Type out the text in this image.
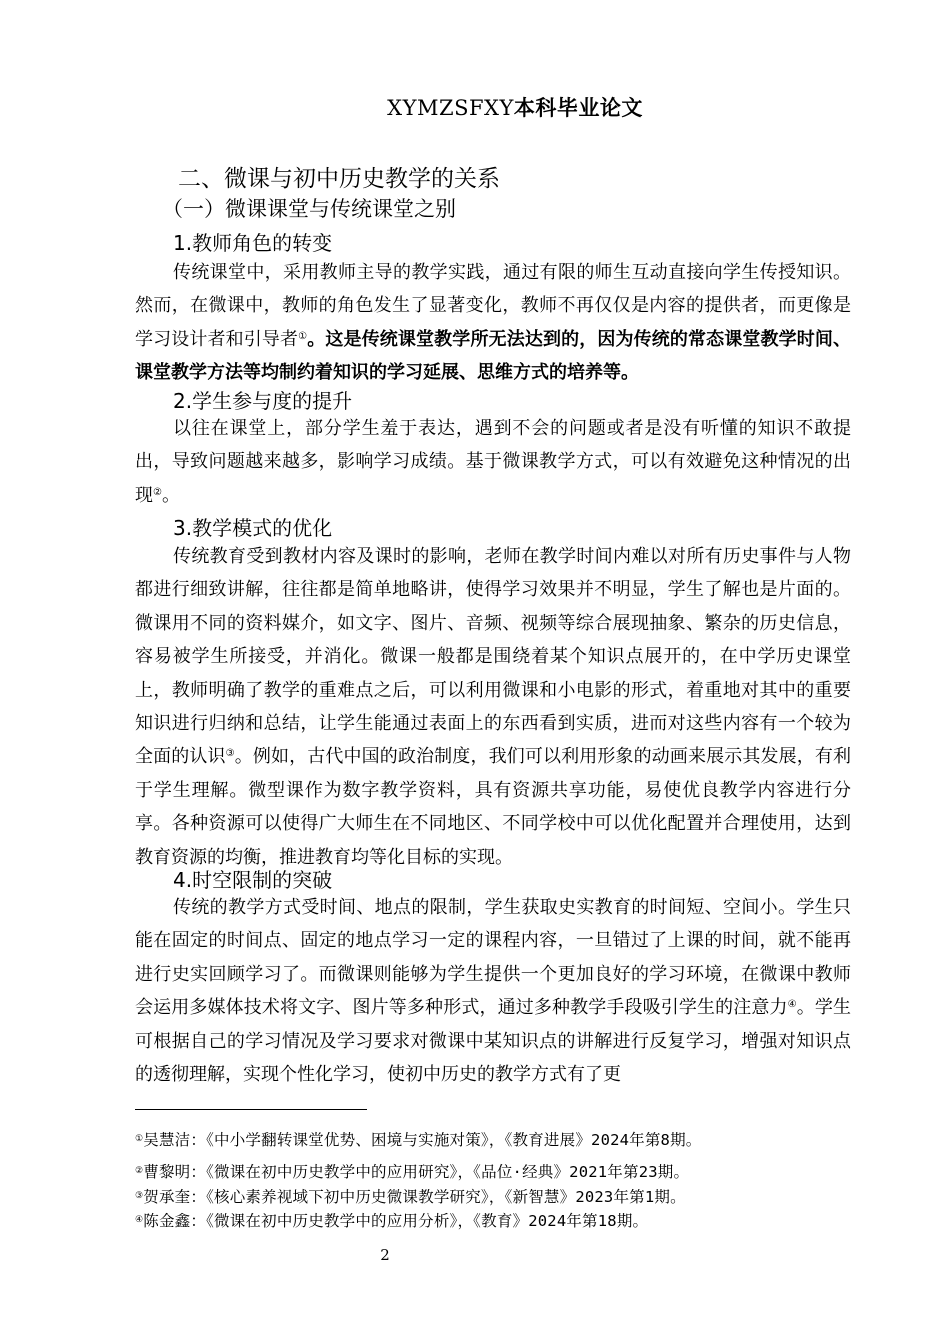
XYMZSFXY本科毕业论文
二、微课与初中历史教学的关系
（一）微课课堂与传统课堂之别
1.教师角色的转变
传统课堂中，采用教师主导的教学实践，通过有限的师生互动直接向学生传授知识。然而，在微课中，教师的角色发生了显著变化，教师不再仅仅是内容的提供者，而更像是学习设计者和引导者①。这是传统课堂教学所无法达到的，因为传统的常态课堂教学时间、课堂教学方法等均制约着知识的学习延展、思维方式的培养等。
2.学生参与度的提升
以往在课堂上，部分学生羞于表达，遇到不会的问题或者是没有听懂的知识不敢提出，导致问题越来越多，影响学习成绩。基于微课教学方式，可以有效避免这种情况的出现②。
3.教学模式的优化
传统教育受到教材内容及课时的影响，老师在教学时间内难以对所有历史事件与人物都进行细致讲解，往往都是简单地略讲，使得学习效果并不明显，学生了解也是片面的。微课用不同的资料媒介，如文字、图片、音频、视频等综合展现抽象、繁杂的历史信息，容易被学生所接受，并消化。微课一般都是围绕着某个知识点展开的，在中学历史课堂上，教师明确了教学的重难点之后，可以利用微课和小电影的形式，着重地对其中的重要知识进行归纳和总结，让学生能通过表面上的东西看到实质，进而对这些内容有一个较为全面的认识③。例如，古代中国的政治制度，我们可以利用形象的动画来展示其发展，有利于学生理解。微型课作为数字教学资料，具有资源共享功能，易使优良教学内容进行分享。各种资源可以使得广大师生在不同地区、不同学校中可以优化配置并合理使用，达到教育资源的均衡，推进教育均等化目标的实现。
4.时空限制的突破
传统的教学方式受时间、地点的限制，学生获取史实教育的时间短、空间小。学生只能在固定的时间点、固定的地点学习一定的课程内容，一旦错过了上课的时间，就不能再进行史实回顾学习了。而微课则能够为学生提供一个更加良好的学习环境，在微课中教师会运用多媒体技术将文字、图片等多种形式，通过多种教学手段吸引学生的注意力④。学生可根据自己的学习情况及学习要求对微课中某知识点的讲解进行反复学习，增强对知识点的透彻理解，实现个性化学习，使初中历史的教学方式有了更
①吴慧洁：《中小学翻转课堂优势、困境与实施对策》，《教育进展》2024年第8期。
②曹黎明：《微课在初中历史教学中的应用研究》，《品位·经典》2021年第23期。
③贺承奎：《核心素养视域下初中历史微课教学研究》，《新智慧》2023年第1期。
④陈金鑫：《微课在初中历史教学中的应用分析》，《教育》2024年第18期。
2
